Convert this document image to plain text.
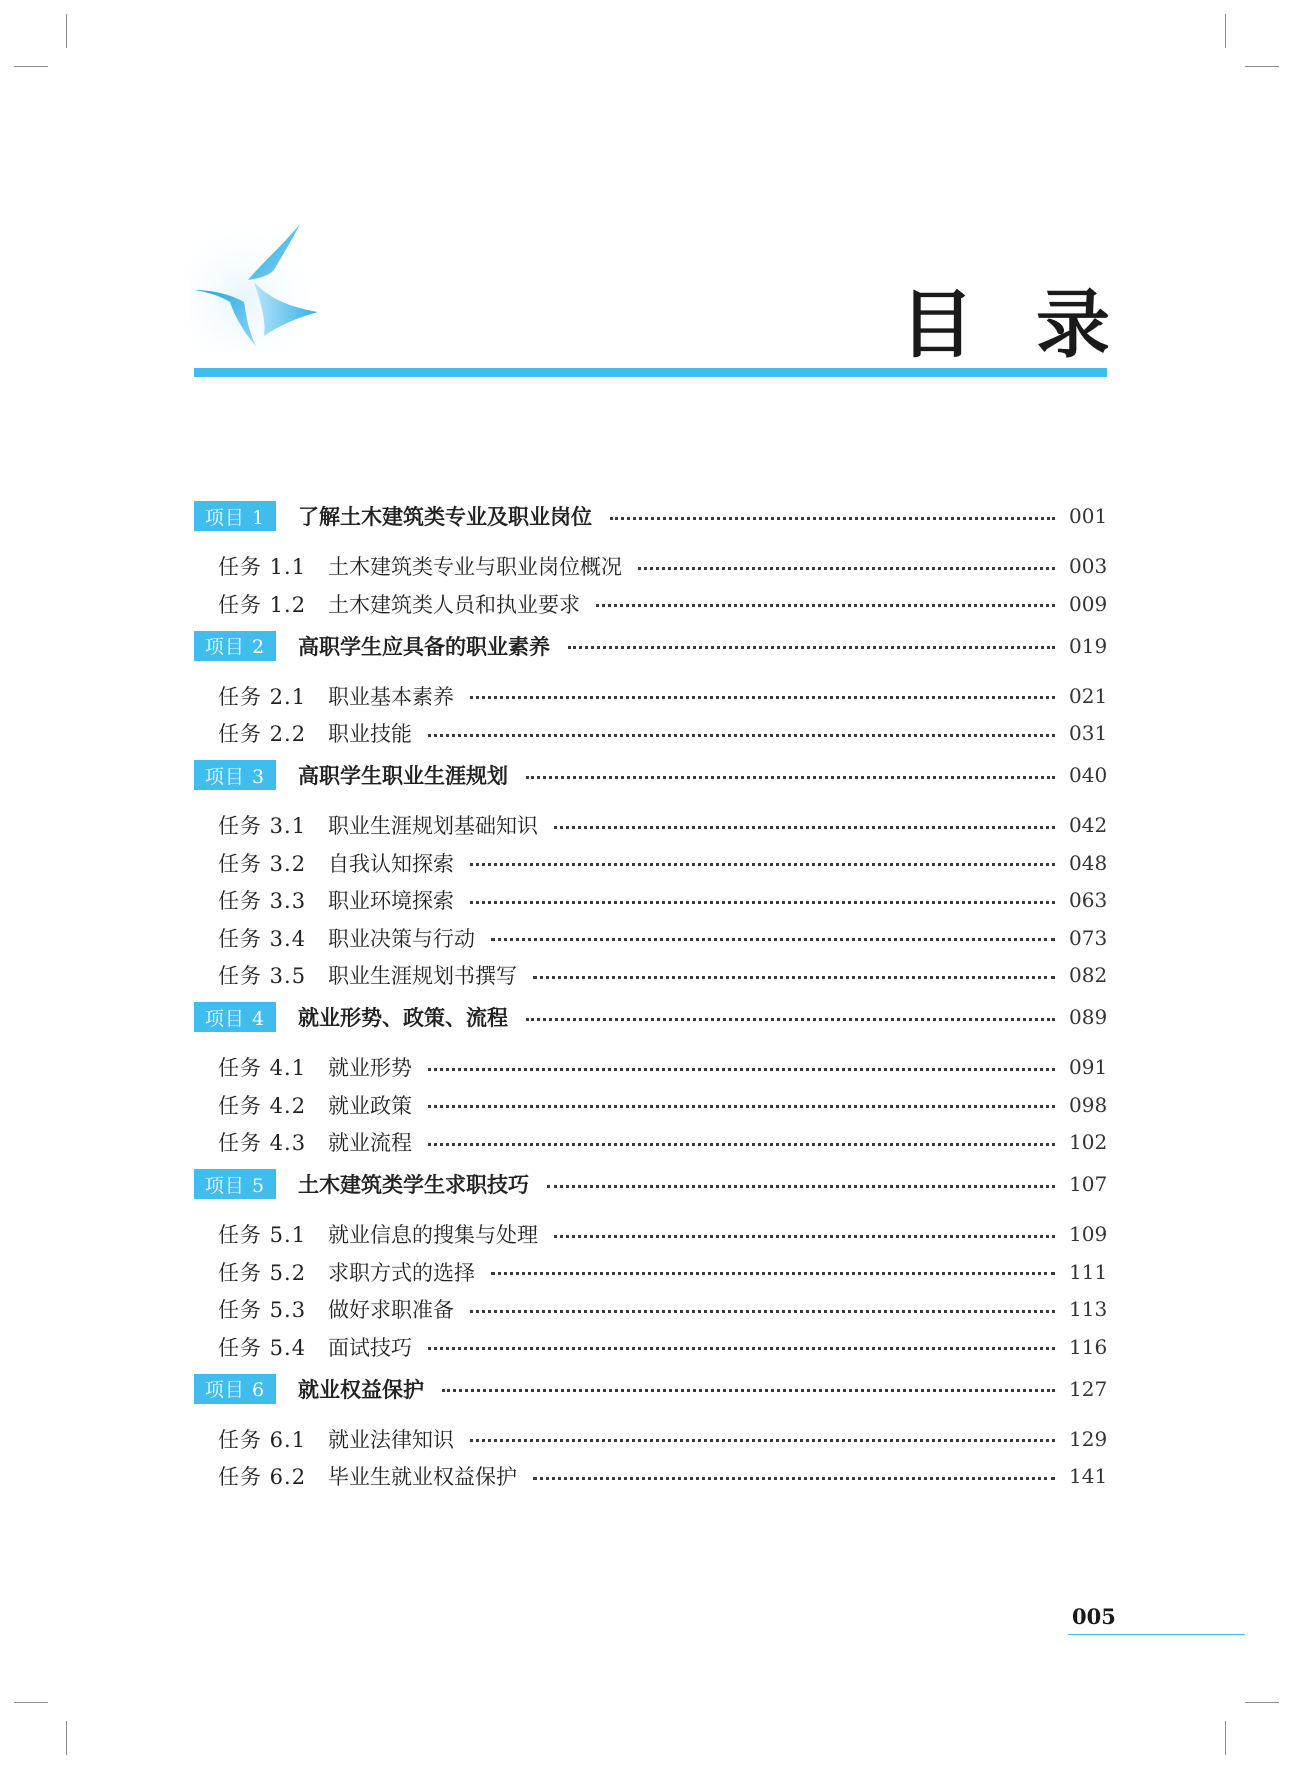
目 录
项目 1	了解土木建筑类专业及职业岗位	001
任务 1.1	土木建筑类专业与职业岗位概况	003
任务 1.2	土木建筑类人员和执业要求	009
项目 2	高职学生应具备的职业素养	019
任务 2.1	职业基本素养	021
任务 2.2	职业技能	031
项目 3	高职学生职业生涯规划	040
任务 3.1	职业生涯规划基础知识	042
任务 3.2	自我认知探索	048
任务 3.3	职业环境探索	063
任务 3.4	职业决策与行动	073
任务 3.5	职业生涯规划书撰写	082
项目 4	就业形势、政策、流程	089
任务 4.1	就业形势	091
任务 4.2	就业政策	098
任务 4.3	就业流程	102
项目 5	土木建筑类学生求职技巧	107
任务 5.1	就业信息的搜集与处理	109
任务 5.2	求职方式的选择	111
任务 5.3	做好求职准备	113
任务 5.4	面试技巧	116
项目 6	就业权益保护	127
任务 6.1	就业法律知识	129
任务 6.2	毕业生就业权益保护	141
005
